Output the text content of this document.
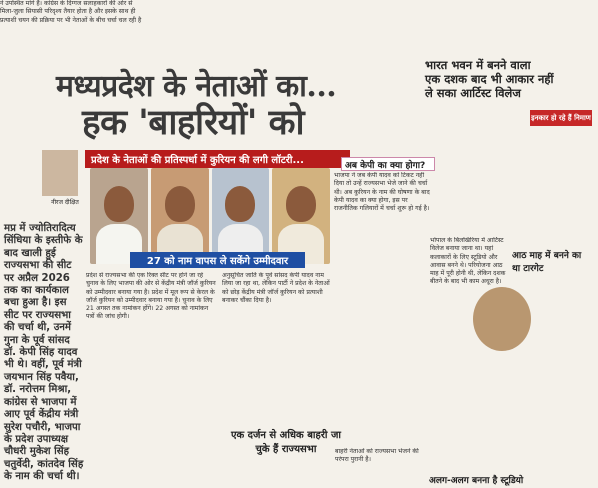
ने उपस्थित मांगे हैं। कांग्रेस के दिग्गज सलाहकारों की ओर से
मिला-जुला सियासी परिदृश्य तैयार होता है और इसके साथ ही
प्रत्याशी चयन की प्रक्रिया पर भी नेताओं के बीच चर्चा चल रही है
मध्यप्रदेश के नेताओं का...
हक 'बाहरियों' को
नीरज दीक्षित
मप्र में ज्योतिरादित्य सिंधिया के इस्तीफे के बाद खाली हुई राज्यसभा की सीट पर अप्रैल 2026 तक का कार्यकाल बचा हुआ है। इस सीट पर राज्यसभा की चर्चा थी, उनमें गुना के पूर्व सांसद डॉ. केपी सिंह यादव भी थे। वहीं, पूर्व मंत्री जयभान सिंह पवैया, डॉ. नरोत्तम मिश्रा, कांग्रेस से भाजपा में आए पूर्व केंद्रीय मंत्री सुरेश पचौरी, भाजपा के प्रदेश उपाध्यक्ष चौधरी मुकेश सिंह चतुर्वेदी, कांतदेव सिंह के नाम की चर्चा थी।
प्रदेश के नेताओं की प्रतिस्पर्धा में कुरियन की लगी लॉटरी...
27 को नाम वापस ले सकेंगे उम्मीदवार
प्रदेश से राज्यसभा की एक रिक्त सीट पर होने जा रहे चुनाव के लिए भाजपा की ओर से केंद्रीय मंत्री जॉर्ज कुरियन को उम्मीदवार बनाया गया है। प्रदेश में मूल रूप से केरल के जॉर्ज कुरियन को उम्मीदवार बनाया गया है। चुनाव के लिए 21 अगस्त तक नामांकन होंगे। 22 अगस्त को नामांकन पत्रों की जांच होगी।
अनुसूचित जाति के पूर्व सांसद केपी यादव नाम लिया जा रहा था, लेकिन पार्टी ने प्रदेश के नेताओं को छोड़ केंद्रीय मंत्री जॉर्ज कुरियन को प्रत्याशी बनाकर चौंका दिया है।
अब केपी का क्या होगा?
भाजपा ने जब केपी यादव को टिकट नहीं दिया तो उन्हें राज्यसभा भेजे जाने की चर्चा थी। अब कुरियन के नाम की घोषणा के बाद केपी यादव का क्या होगा, इस पर राजनीतिक गलियारों में चर्चा शुरू हो गई है।
एक दर्जन से अधिक बाहरी जा चुके हैं राज्यसभा	बाहरी नेताओं को राज्यसभा भेजने की परंपरा पुरानी है।
भारत भवन में बनने वाला
एक दशक बाद भी आकार नहीं
ले सका आर्टिस्ट विलेज
इनकार हो रहे हैं निमाण
आठ माह में बनने का था टारगेट
भोपाल के बिलखिरिया में आर्टिस्ट विलेज बनाया जाना था। यहां कलाकारों के लिए स्टूडियो और आवास बनने थे। परियोजना आठ माह में पूरी होनी थी, लेकिन दशक बीतने के बाद भी काम अधूरा है।
अलग-अलग बनना है स्टूडियो
